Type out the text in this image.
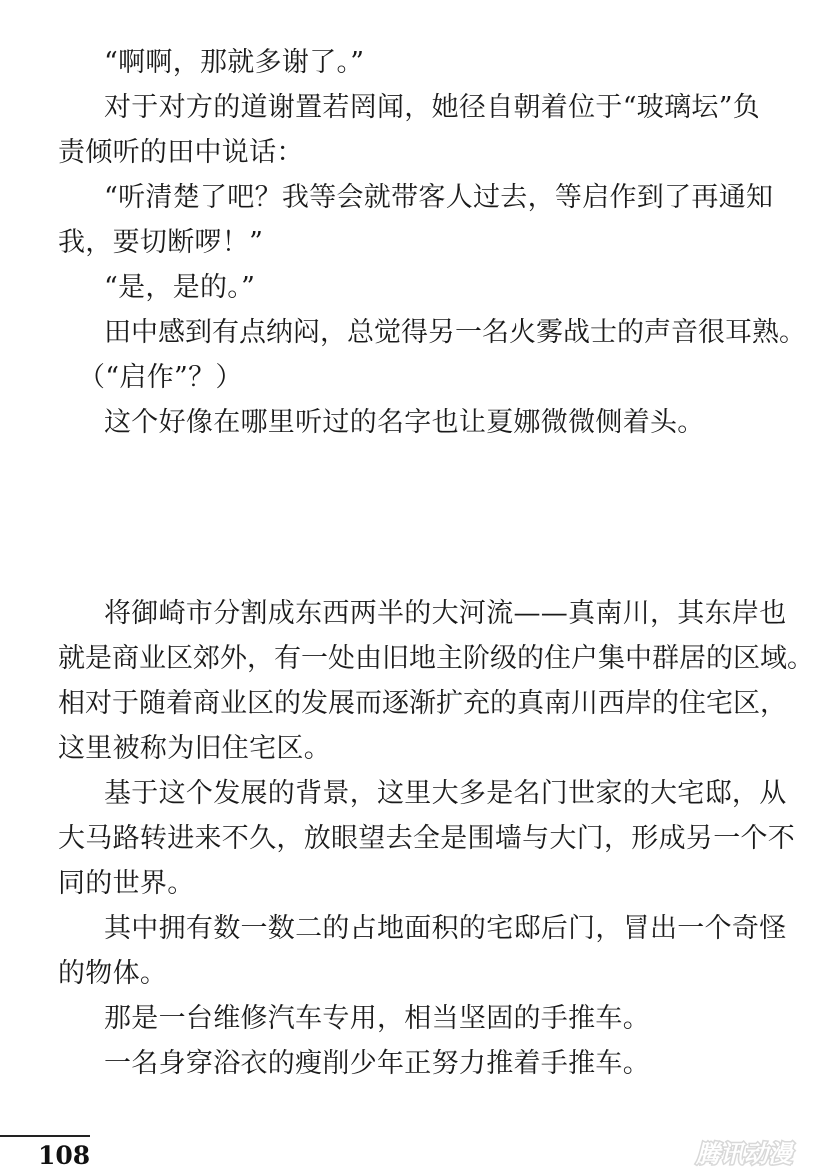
“啊啊，那就多谢了。”

对于对方的道谢置若罔闻，她径自朝着位于“玻璃坛”负

责倾听的田中说话：

“听清楚了吧？我等会就带客人过去，等启作到了再通知

我，要切断啰！”

“是，是的。”

田中感到有点纳闷，总觉得另一名火雾战士的声音很耳熟。

（“启作”？）

这个好像在哪里听过的名字也让夏娜微微侧着头。

将御崎市分割成东西两半的大河流——真南川，其东岸也

就是商业区郊外，有一处由旧地主阶级的住户集中群居的区域。

相对于随着商业区的发展而逐渐扩充的真南川西岸的住宅区，

这里被称为旧住宅区。

基于这个发展的背景，这里大多是名门世家的大宅邸，从

大马路转进来不久，放眼望去全是围墙与大门，形成另一个不

同的世界。

其中拥有数一数二的占地面积的宅邸后门，冒出一个奇怪

的物体。

那是一台维修汽车专用，相当坚固的手推车。

一名身穿浴衣的瘦削少年正努力推着手推车。

108	腾讯动漫
